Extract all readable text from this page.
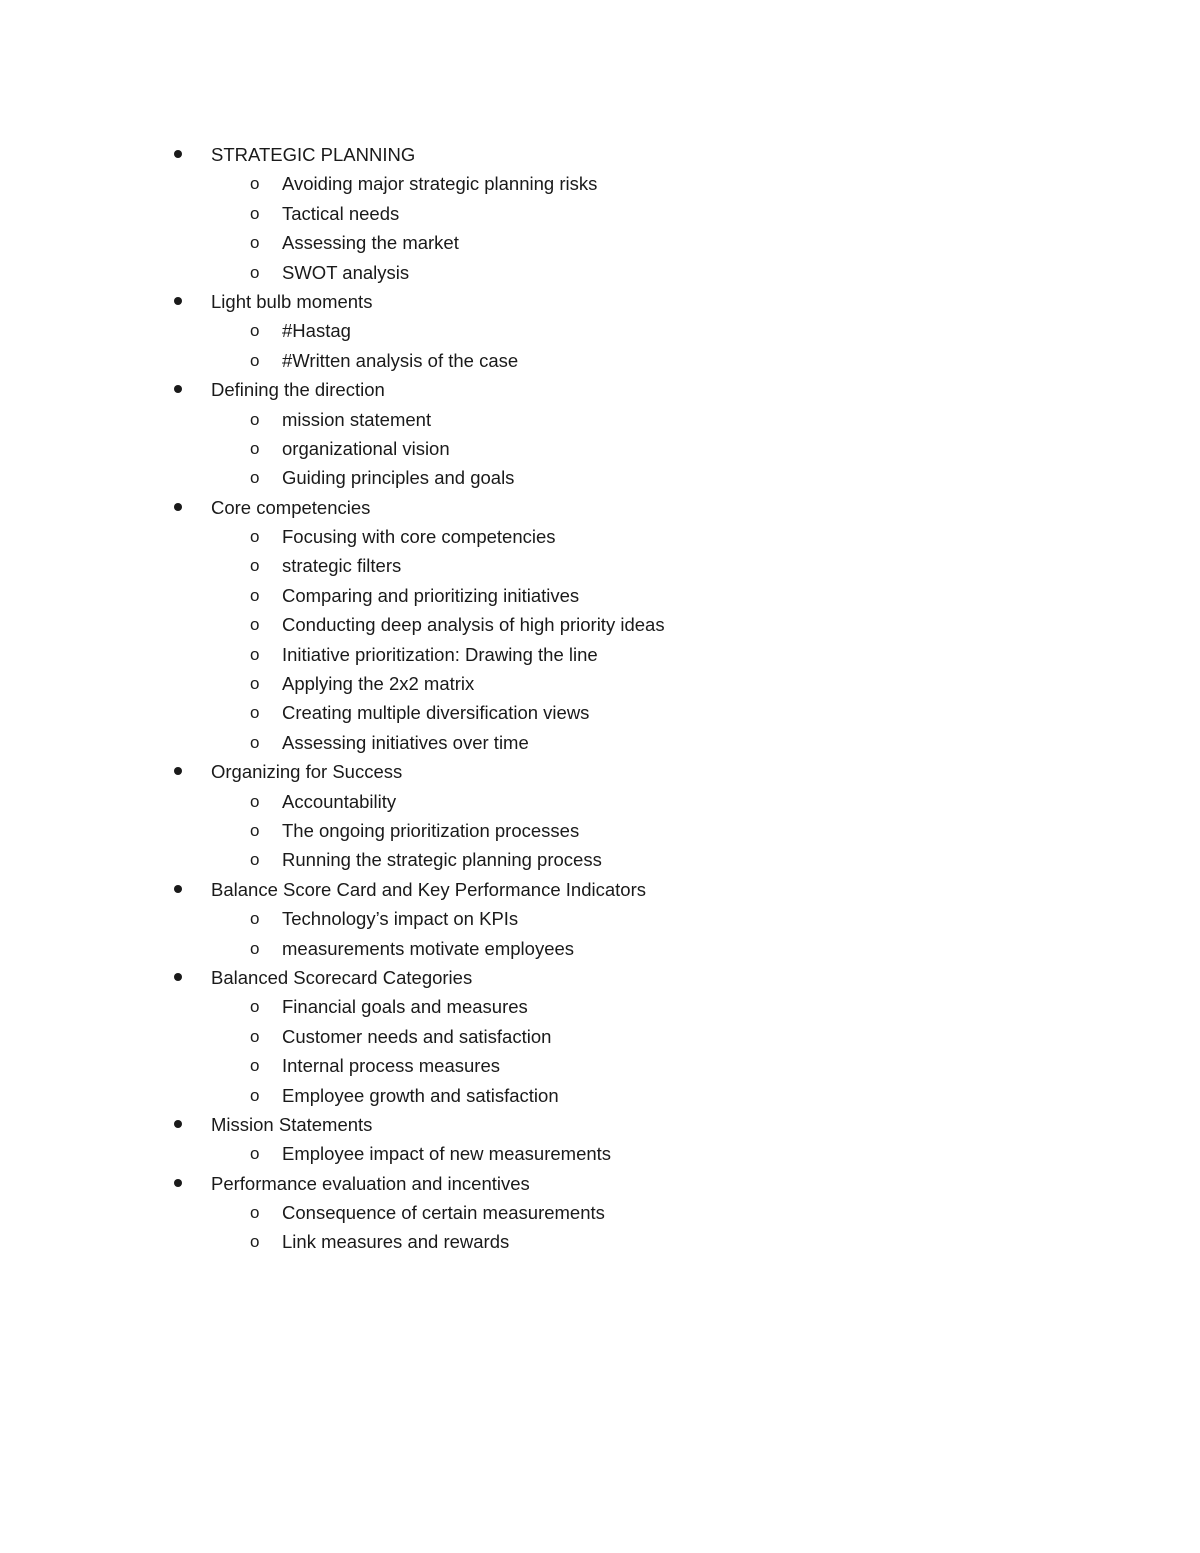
STRATEGIC PLANNING
o Avoiding major strategic planning risks
o Tactical needs
o Assessing the market
o SWOT analysis
Light bulb moments
o #Hastag
o #Written analysis of the case
Defining the direction
o mission statement
o organizational vision
o Guiding principles and goals
Core competencies
o Focusing with core competencies
o strategic filters
o Comparing and prioritizing initiatives
o Conducting deep analysis of high priority ideas
o Initiative prioritization: Drawing the line
o Applying the 2x2 matrix
o Creating multiple diversification views
o Assessing initiatives over time
Organizing for Success
o Accountability
o The ongoing prioritization processes
o Running the strategic planning process
Balance Score Card and Key Performance Indicators
o Technology’s impact on KPIs
o measurements motivate employees
Balanced Scorecard Categories
o Financial goals and measures
o Customer needs and satisfaction
o Internal process measures
o Employee growth and satisfaction
Mission Statements
o Employee impact of new measurements
Performance evaluation and incentives
o Consequence of certain measurements
o Link measures and rewards
